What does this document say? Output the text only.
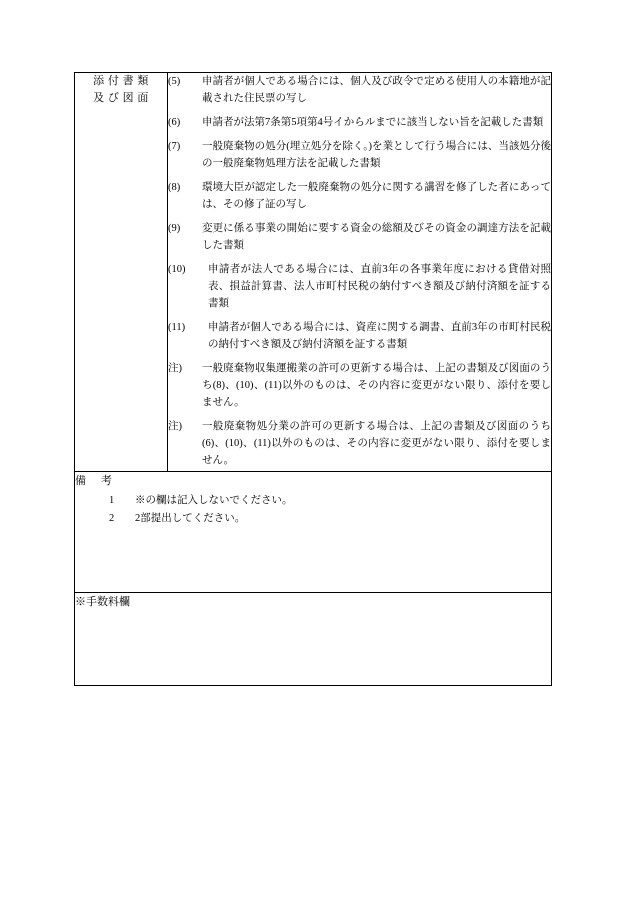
添 付 書 類
及 び 図 面

(5)	申請者が個人である場合には、個人及び政令で定める使用人の本籍地が記載された住民票の写し
(6)	申請者が法第7条第5項第4号イからルまでに該当しない旨を記載した書類
(7)	一般廃棄物の処分(埋立処分を除く。)を業として行う場合には、当該処分後の一般廃棄物処理方法を記載した書類
(8)	環境大臣が認定した一般廃棄物の処分に関する講習を修了した者にあっては、その修了証の写し
(9)	変更に係る事業の開始に要する資金の総額及びその資金の調達方法を記載した書類
(10)	申請者が法人である場合には、直前3年の各事業年度における貸借対照表、損益計算書、法人市町村民税の納付すべき額及び納付済額を証する書類
(11)	申請者が個人である場合には、資産に関する調書、直前3年の市町村民税の納付すべき額及び納付済額を証する書類
注)	一般廃棄物収集運搬業の許可の更新する場合は、上記の書類及び図面のうち(8)、(10)、(11)以外のものは、その内容に変更がない限り、添付を要しません。
注)	一般廃棄物処分業の許可の更新する場合は、上記の書類及び図面のうち(6)、(10)、(11)以外のものは、その内容に変更がない限り、添付を要しません。

備　考
1	※の欄は記入しないでください。
2	2部提出してください。

※手数料欄
